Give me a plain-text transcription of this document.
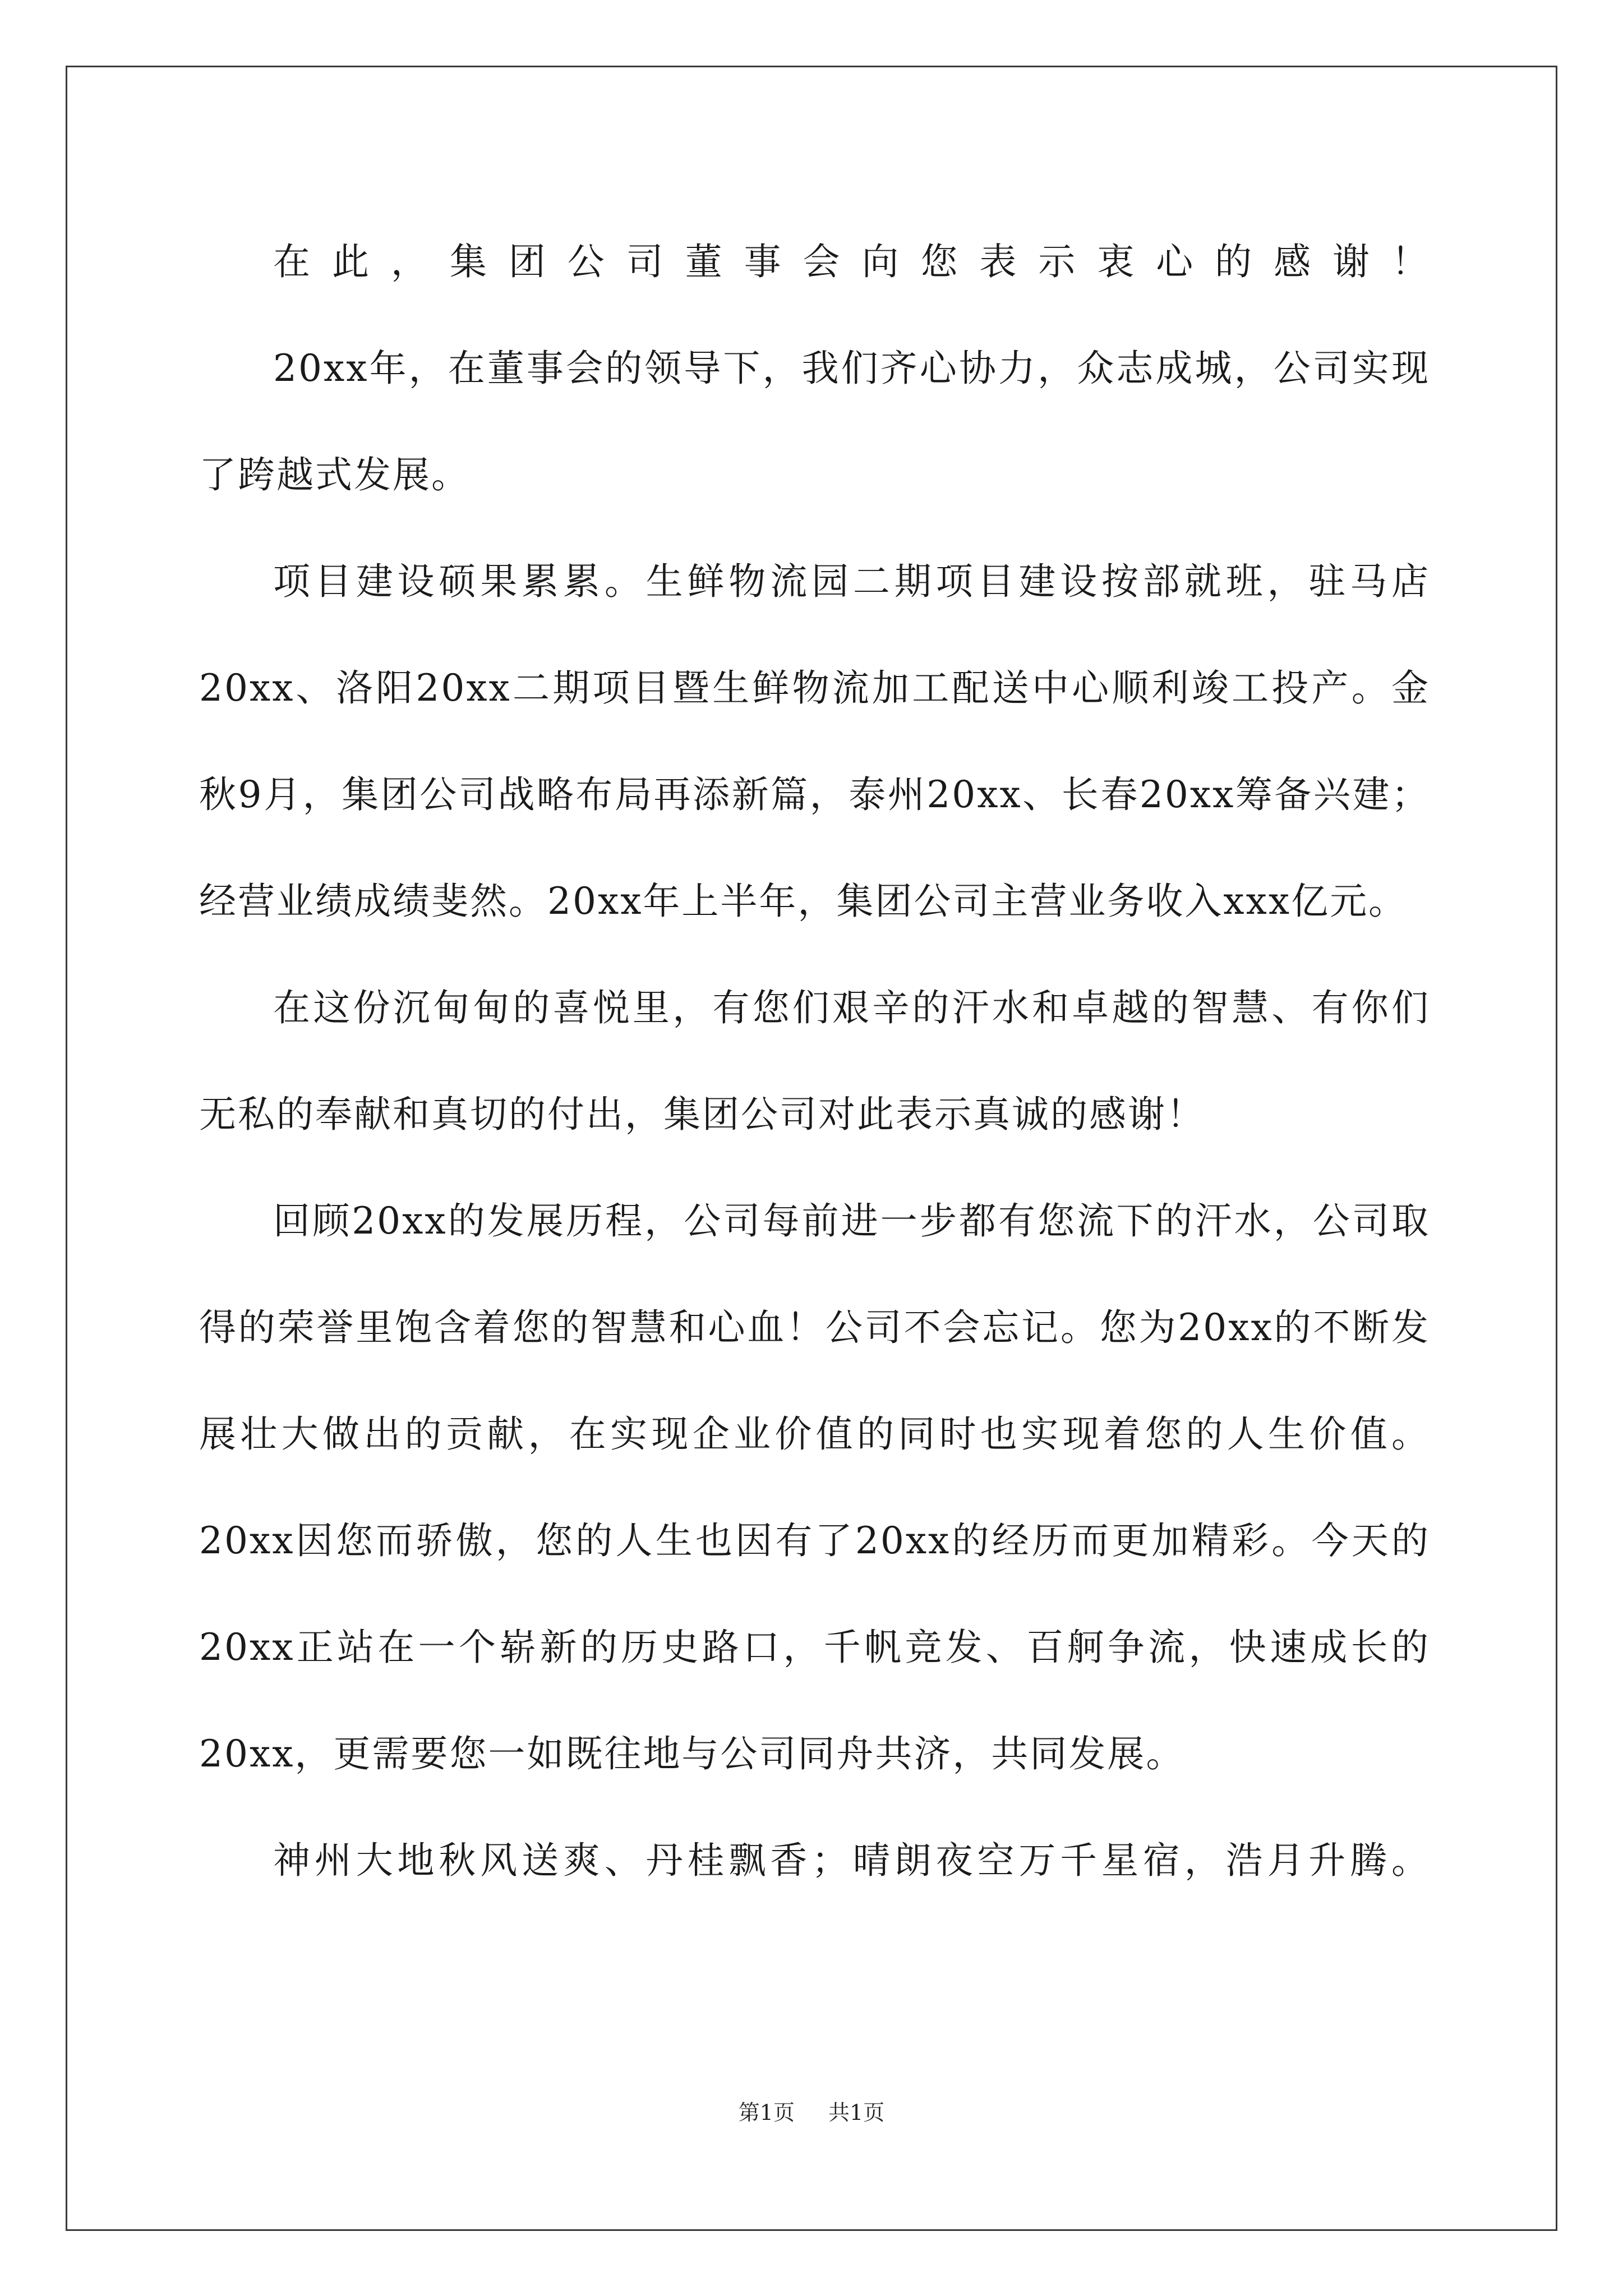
在此，集团公司董事会向您表示衷心的感谢！

20xx年，在董事会的领导下，我们齐心协力，众志成城，公司实现了跨越式发展。

项目建设硕果累累。生鲜物流园二期项目建设按部就班，驻马店20xx、洛阳20xx二期项目暨生鲜物流加工配送中心顺利竣工投产。金秋9月，集团公司战略布局再添新篇，泰州20xx、长春20xx筹备兴建；经营业绩成绩斐然。20xx年上半年，集团公司主营业务收入xxx亿元。

在这份沉甸甸的喜悦里，有您们艰辛的汗水和卓越的智慧、有你们无私的奉献和真切的付出，集团公司对此表示真诚的感谢！

回顾20xx的发展历程，公司每前进一步都有您流下的汗水，公司取得的荣誉里饱含着您的智慧和心血！公司不会忘记。您为20xx的不断发展壮大做出的贡献，在实现企业价值的同时也实现着您的人生价值。20xx因您而骄傲，您的人生也因有了20xx的经历而更加精彩。今天的20xx正站在一个崭新的历史路口，千帆竞发、百舸争流，快速成长的20xx，更需要您一如既往地与公司同舟共济，共同发展。

神州大地秋风送爽、丹桂飘香；晴朗夜空万千星宿，浩月升腾。

第1页 共1页
